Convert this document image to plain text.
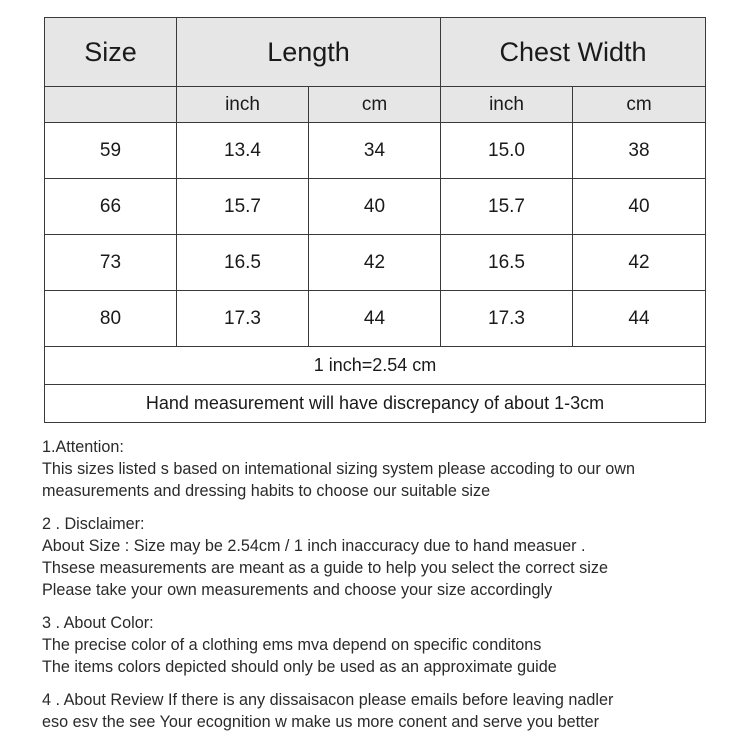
Size	Length		Chest Width	
	inch	cm	inch	cm
59	13.4	34	15.0	38
66	15.7	40	15.7	40
73	16.5	42	16.5	42
80	17.3	44	17.3	44
1 inch=2.54 cm				
Hand measurement will have discrepancy of about 1-3cm				
1.Attention:
This sizes listed s based on intemational sizing system please accoding to our own
measurements and dressing habits to choose our suitable size
2 . Disclaimer:
About Size : Size may be 2.54cm / 1 inch inaccuracy due to hand measuer .
Thsese measurements are meant as a guide to help you select the correct size
Please take your own measurements and choose your size accordingly
3 . About Color:
The precise color of a clothing ems mva depend on specific conditons
The items colors depicted should only be used as an approximate guide
4 . About Review If there is any dissaisacon please emails before leaving nadler
eso esv the see Your ecognition w make us more conent and serve you better
